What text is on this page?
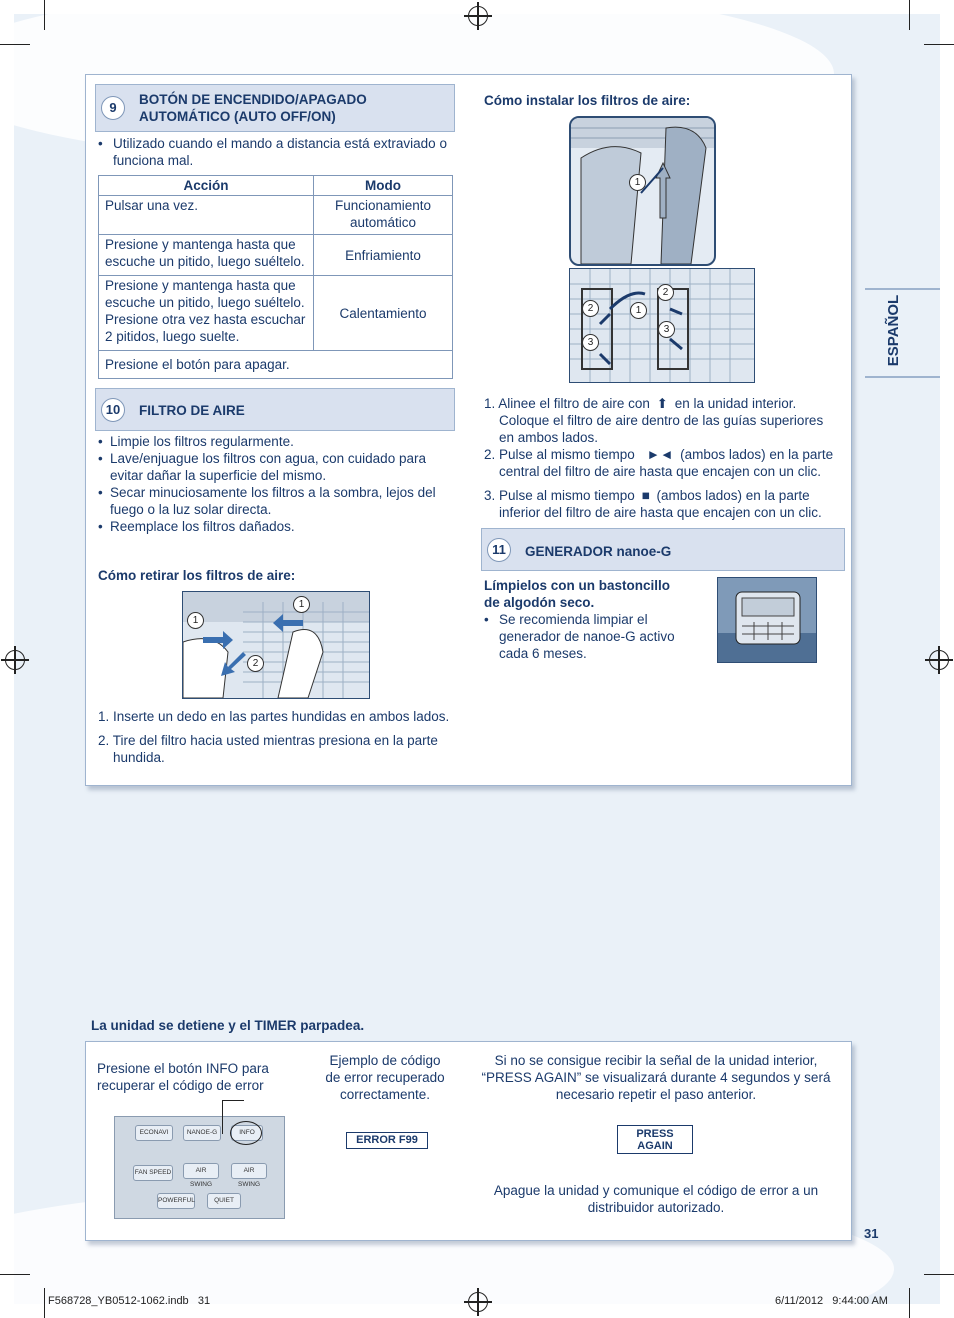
ESPAÑOL
9
BOTÓN DE ENCENDIDO/APAGADO
AUTOMÁTICO (AUTO OFF/ON)
• Utilizado cuando el mando a distancia está extraviado o
funciona mal.
Acción	Modo

Pulsar una vez.	Funcionamiento
automático

Presione y mantenga hasta que
escuche un pitido, luego suéltelo.	Enfriamiento

Presione y mantenga hasta que
escuche un pitido, luego suéltelo.
Presione otra vez hasta escuchar
2 pitidos, luego suelte.	Calentamiento

Presione el botón para apagar.	
10	FILTRO DE AIRE
• Limpie los filtros regularmente.
• Lave/enjuague los filtros con agua, con cuidado para
evitar dañar la superficie del mismo.
• Secar minuciosamente los filtros a la sombra, lejos del
fuego o la luz solar directa.
• Reemplace los filtros dañados.
Cómo retirar los filtros de aire:
1
1
2
1. Inserte un dedo en las partes hundidas en ambos lados.
2. Tire del filtro hacia usted mientras presiona en la parte
hundida.
Cómo instalar los filtros de aire:
1
2	1
2
3
3
1. Alinee el filtro de aire con ⬆ en la unidad interior.
Coloque el filtro de aire dentro de las guías superiores
en ambos lados.
2. Pulse al mismo tiempo ►◄ (ambos lados) en la parte
central del filtro de aire hasta que encajen con un clic.
3. Pulse al mismo tiempo ■ (ambos lados) en la parte
inferior del filtro de aire hasta que encajen con un clic.
11	GENERADOR nanoe-G
Límpielos con un bastoncillo
de algodón seco.
• Se recomienda limpiar el
generador de nanoe-G activo
cada 6 meses.
La unidad se detiene y el TIMER parpadea.
Presione el botón INFO para
recuperar el código de error
ECONAVI	NANOE-G	INFO
FAN SPEED	AIR SWING
AIR SWING
POWERFUL	QUIET
Ejemplo de código
de error recuperado
correctamente.
ERROR F99
Si no se consigue recibir la señal de la unidad interior,
“PRESS AGAIN” se visualizará durante 4 segundos y será
necesario repetir el paso anterior.
PRESS
AGAIN
Apague la unidad y comunique el código de error a un
distribuidor autorizado.
31
F568728_YB0512-1062.indb   31	6/11/2012   9:44:00 AM
